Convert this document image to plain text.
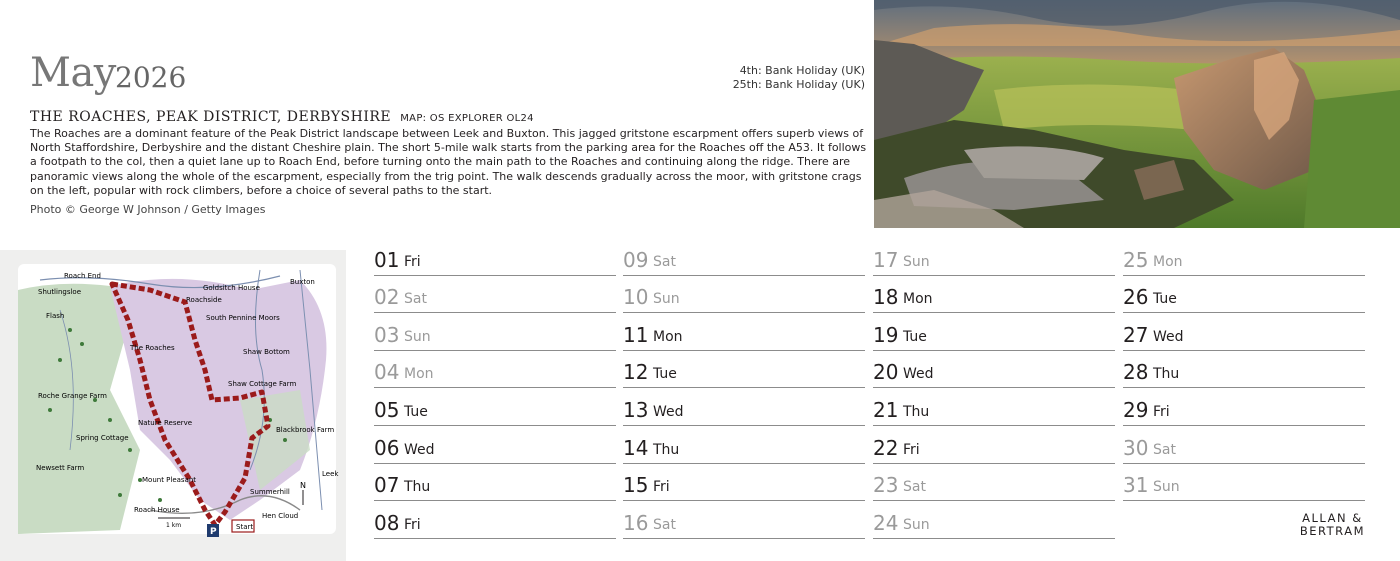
May 2026	4th: Bank Holiday (UK)
25th: Bank Holiday (UK)
THE ROACHES, PEAK DISTRICT, DERBYSHIRE MAP: OS EXPLORER OL24
The Roaches are a dominant feature of the Peak District landscape between Leek and Buxton. This jagged gritstone escarpment offers superb views of North Staffordshire, Derbyshire and the distant Cheshire plain. The short 5-mile walk starts from the parking area for the Roaches off the A53. It follows a footpath to the col, then a quiet lane up to Roach End, before turning onto the main path to the Roaches and continuing along the ridge. There are panoramic views along the whole of the escarpment, especially from the trig point. The walk descends gradually across the moor, with gritstone crags on the left, popular with rock climbers, before a choice of several paths to the start.
Photo © George W Johnson / Getty Images
Roach End
Shutlingsloe
Flash
The Roaches
Roche Grange Farm
Nature Reserve
Spring Cottage
Newsett Farm
Mount Pleasant
Roach House
Goldsitch House
Roachside
South Pennine Moors
Buxton
Shaw Bottom
Shaw Cottage Farm
Blackbrook Farm
Summerhill
Hen Cloud
Leek
Start
P
N
1 km
01 Fri
02 Sat
03 Sun
04 Mon
05 Tue
06 Wed
07 Thu
08 Fri
09 Sat
10 Sun
11 Mon
12 Tue
13 Wed
14 Thu
15 Fri
16 Sat
17 Sun
18 Mon
19 Tue
20 Wed
21 Thu
22 Fri
23 Sat
24 Sun
25 Mon
26 Tue
27 Wed
28 Thu
29 Fri
30 Sat
31 Sun
ALLAN &
BERTRAM
